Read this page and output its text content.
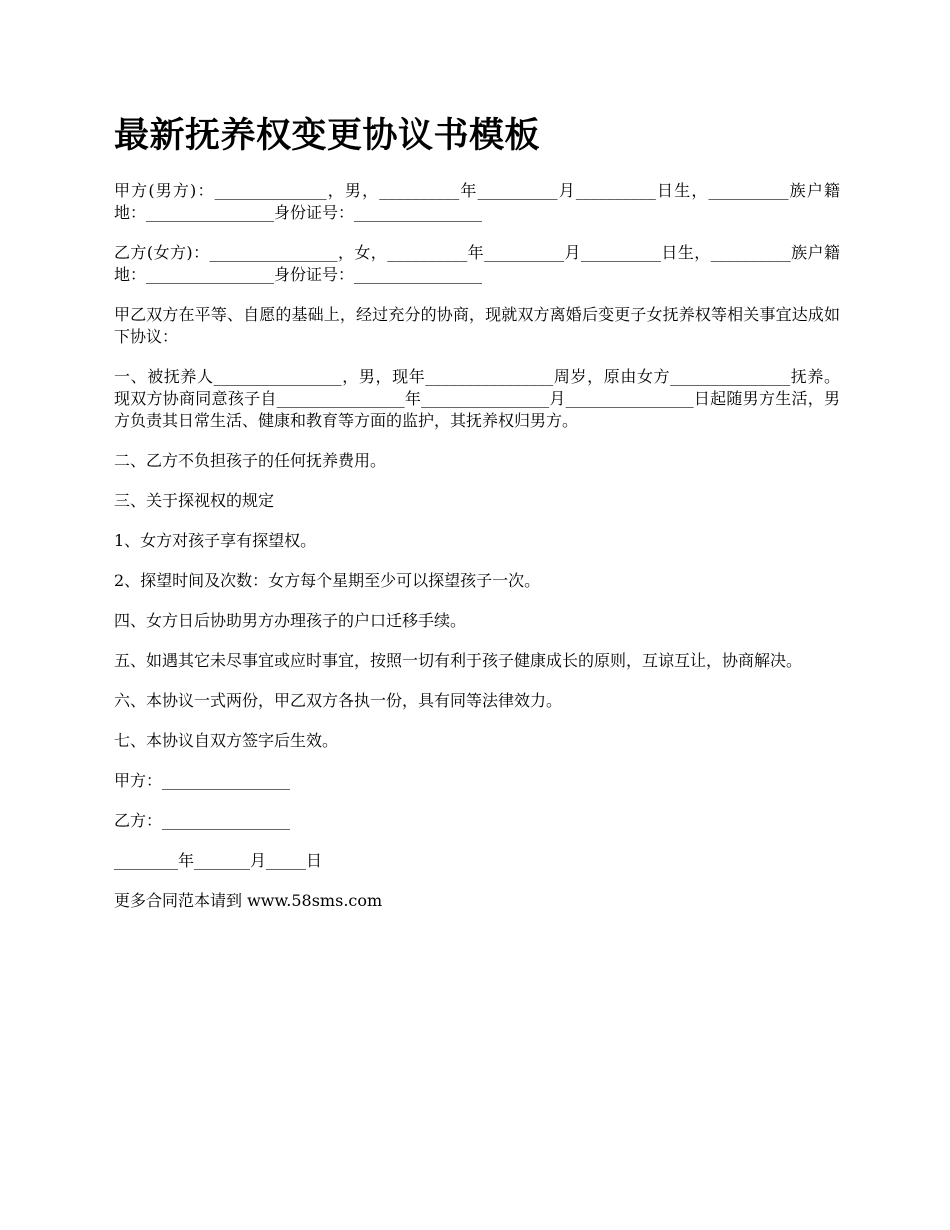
最新抚养权变更协议书模板

甲方(男方)：______________，男，__________年__________月__________日生，__________族户籍地：________________身份证号：________________

乙方(女方)：________________，女，__________年__________月__________日生，__________族户籍地：________________身份证号：________________

甲乙双方在平等、自愿的基础上，经过充分的协商，现就双方离婚后变更子女抚养权等相关事宜达成如下协议：

一、被抚养人________________，男，现年________________周岁，原由女方_______________抚养。现双方协商同意孩子自________________年________________月________________日起随男方生活，男方负责其日常生活、健康和教育等方面的监护，其抚养权归男方。

二、乙方不负担孩子的任何抚养费用。

三、关于探视权的规定

1、女方对孩子享有探望权。

2、探望时间及次数：女方每个星期至少可以探望孩子一次。

四、女方日后协助男方办理孩子的户口迁移手续。

五、如遇其它未尽事宜或应时事宜，按照一切有利于孩子健康成长的原则，互谅互让，协商解决。

六、本协议一式两份，甲乙双方各执一份，具有同等法律效力。

七、本协议自双方签字后生效。

甲方：________________

乙方：________________

________年_______月_____日

更多合同范本请到 www.58sms.com
